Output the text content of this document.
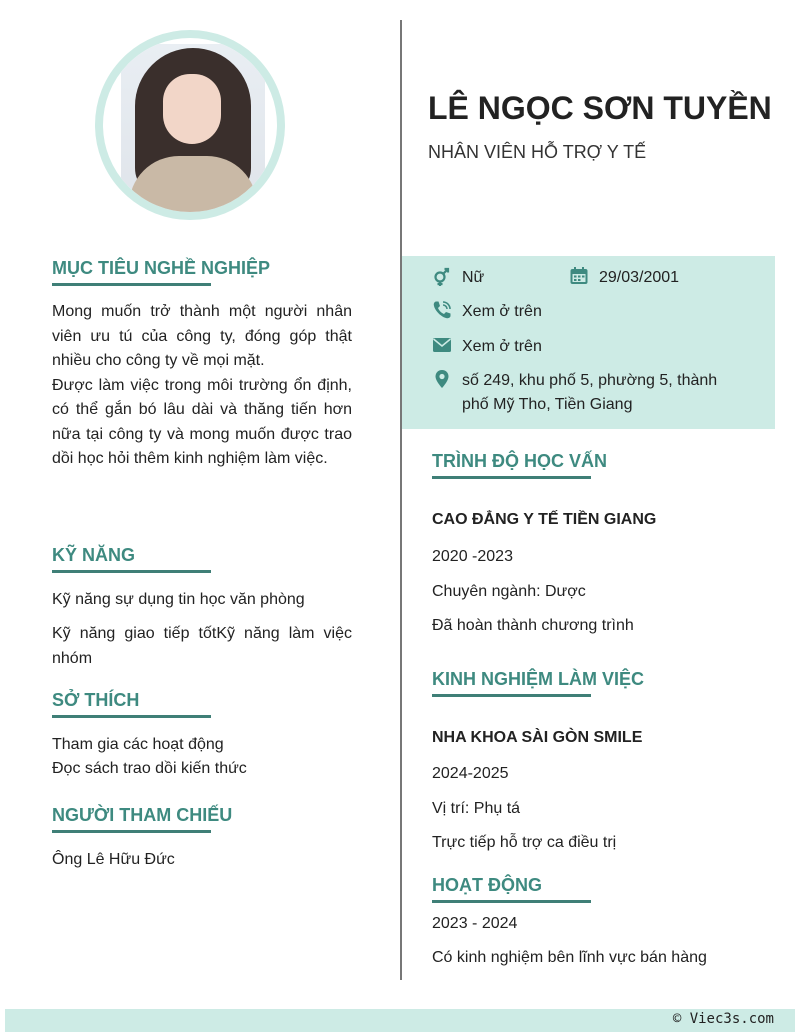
MỤC TIÊU NGHỀ NGHIỆP
Mong muốn trở thành một người nhân viên ưu tú của công ty, đóng góp thật nhiều cho công ty về mọi mặt.
Được làm việc trong môi trường ổn định, có thể gắn bó lâu dài và thăng tiến hơn nữa tại công ty và mong muốn được trao dồi học hỏi thêm kinh nghiệm làm việc.
KỸ NĂNG
Kỹ năng sự dụng tin học văn phòng
Kỹ năng giao tiếp tốtKỹ năng làm việc nhóm
SỞ THÍCH
Tham gia các hoạt động
Đọc sách trao dồi kiến thức
NGƯỜI THAM CHIẾU
Ông Lê Hữu Đức
LÊ NGỌC SƠN TUYỀN
NHÂN VIÊN HỖ TRỢ Y TẾ
Nữ	29/03/2001
Xem ở trên
Xem ở trên
số 249, khu phố 5, phường 5, thành
phố Mỹ Tho, Tiền Giang
TRÌNH ĐỘ HỌC VẤN
CAO ĐẲNG Y TẾ TIỀN GIANG
2020 -2023
Chuyên ngành: Dược
Đã hoàn thành chương trình
KINH NGHIỆM LÀM VIỆC
NHA KHOA SÀI GÒN SMILE
2024-2025
Vị trí: Phụ tá
Trực tiếp hỗ trợ ca điều trị
HOẠT ĐỘNG
2023 - 2024
Có kinh nghiệm bên lĩnh vực bán hàng
© Viec3s.com
